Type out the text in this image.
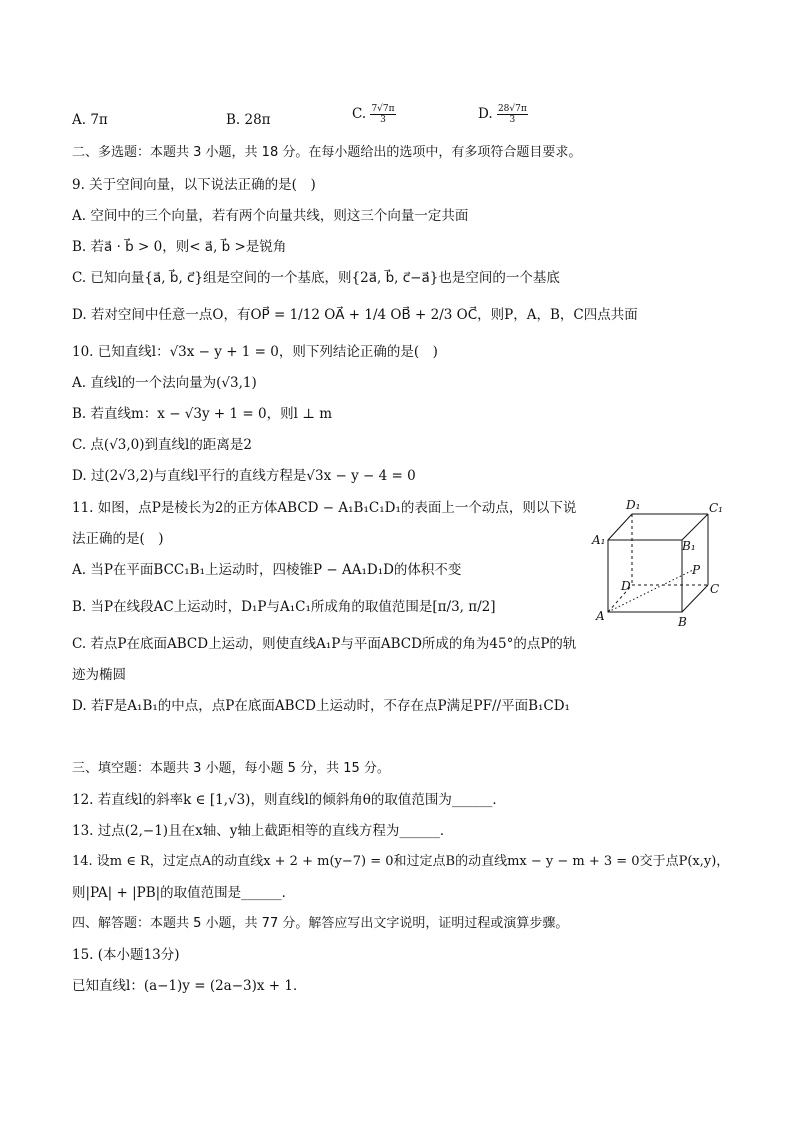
A. 7π	B. 28π	C. $\frac{7√7\pi}{3}$	D. $\frac{28√7\pi}{3}$
二、多选题：本题共 3 小题，共 18 分。在每小题给出的选项中，有多项符合题目要求。
9. 关于空间向量，以下说法正确的是(　)
A. 空间中的三个向量，若有两个向量共线，则这三个向量一定共面
B. 若a⃗ · b⃗ > 0，则< a⃗, b⃗ >是锐角
C. 已知向量{a⃗, b⃗, c⃗}组是空间的一个基底，则{2a⃗, b⃗, c⃗−a⃗}也是空间的一个基底
D. 若对空间中任意一点O，有OP⃗ = 1/12 OA⃗ + 1/4 OB⃗ + 2/3 OC⃗，则P，A，B，C四点共面
10. 已知直线l：√3x − y + 1 = 0，则下列结论正确的是(　)
A. 直线l的一个法向量为(√3,1)
B. 若直线m：x − √3y + 1 = 0，则l ⊥ m
C. 点(√3,0)到直线l的距离是2
D. 过(2√3,2)与直线l平行的直线方程是√3x − y − 4 = 0
11. 如图，点P是棱长为2的正方体ABCD − A₁B₁C₁D₁的表面上一个动点，则以下说
法正确的是(　)
A. 当P在平面BCC₁B₁上运动时，四棱锥P − AA₁D₁D的体积不变
B. 当P在线段AC上运动时，D₁P与A₁C₁所成角的取值范围是[π/3, π/2]
C. 若点P在底面ABCD上运动，则使直线A₁P与平面ABCD所成的角为45°的点P的轨
迹为椭圆
D. 若F是A₁B₁的中点，点P在底面ABCD上运动时，不存在点P满足PF//平面B₁CD₁
三、填空题：本题共 3 小题，每小题 5 分，共 15 分。
12. 若直线l的斜率k ∈ [1,√3)，则直线l的倾斜角θ的取值范围为______．
13. 过点(2,−1)且在x轴、y轴上截距相等的直线方程为______．
14. 设m ∈ R，过定点A的动直线x + 2 + m(y−7) = 0和过定点B的动直线mx − y − m + 3 = 0交于点P(x,y)，
则|PA| + |PB|的取值范围是______．
四、解答题：本题共 5 小题，共 77 分。解答应写出文字说明，证明过程或演算步骤。
15. (本小题13分)
已知直线l：(a−1)y = (2a−3)x + 1．
D₁	C₁
A₁	B₁
D
P
C
A	B
